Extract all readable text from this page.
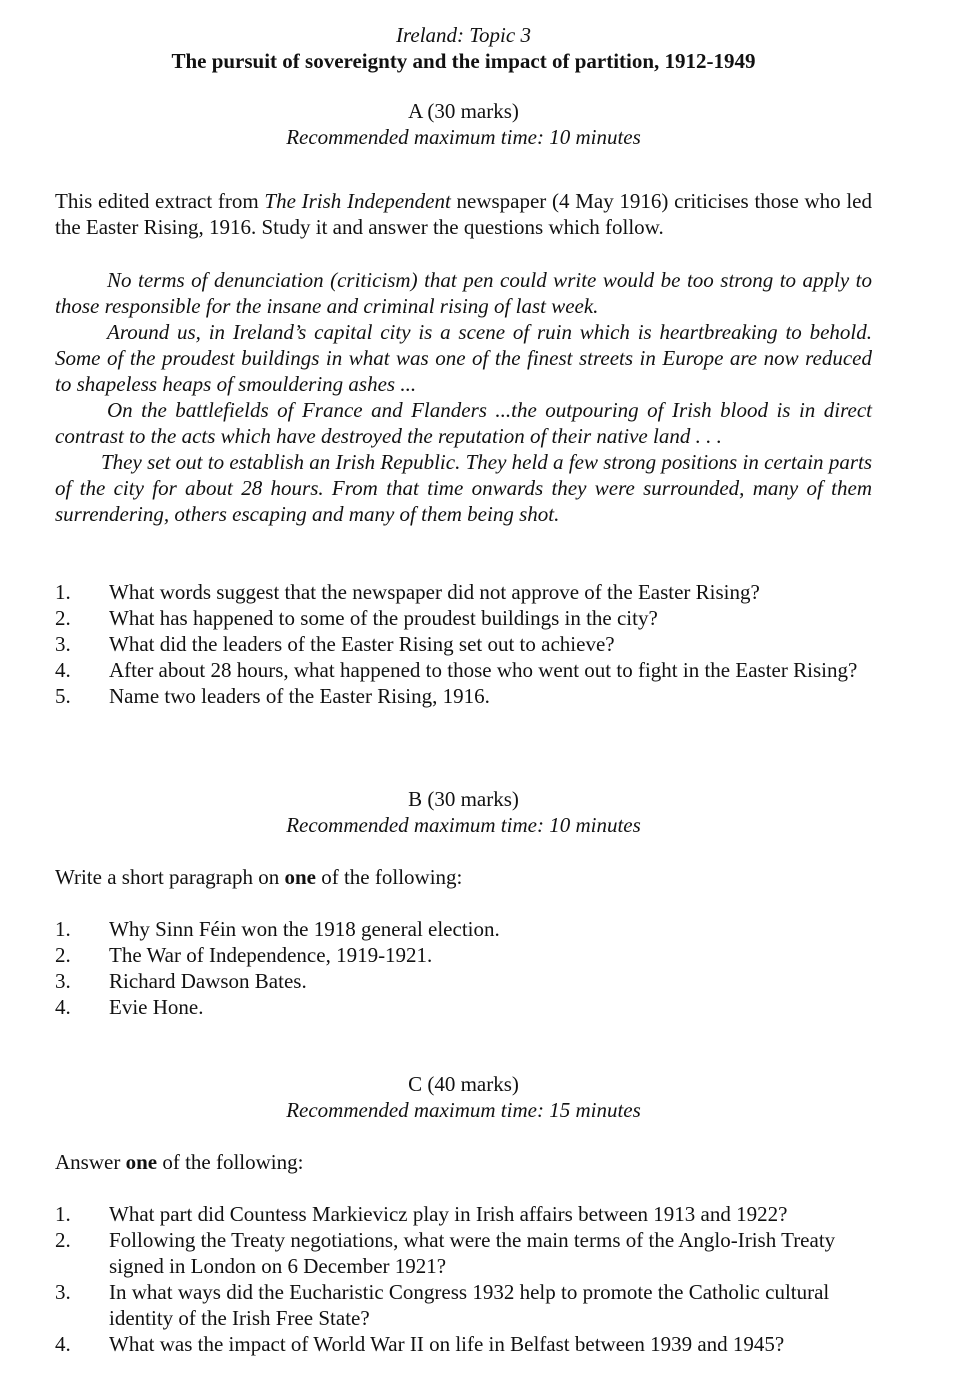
Ireland: Topic 3

The pursuit of sovereignty and the impact of partition, 1912-1949

A (30 marks)

Recommended maximum time: 10 minutes

This edited extract from The Irish Independent newspaper (4 May 1916) criticises those who led the Easter Rising, 1916. Study it and answer the questions which follow.

No terms of denunciation (criticism) that pen could write would be too strong to apply to those responsible for the insane and criminal rising of last week.

Around us, in Ireland’s capital city is a scene of ruin which is heartbreaking to behold. Some of the proudest buildings in what was one of the finest streets in Europe are now reduced to shapeless heaps of smouldering ashes ...

On the battlefields of France and Flanders ...the outpouring of Irish blood is in direct contrast to the acts which have destroyed the reputation of their native land . . .

They set out to establish an Irish Republic. They held a few strong positions in certain parts of the city for about 28 hours. From that time onwards they were surrounded, many of them surrendering, others escaping and many of them being shot.

1.	What words suggest that the newspaper did not approve of the Easter Rising?
2.	What has happened to some of the proudest buildings in the city?
3.	What did the leaders of the Easter Rising set out to achieve?
4.	After about 28 hours, what happened to those who went out to fight in the Easter Rising?
5.	Name two leaders of the Easter Rising, 1916.

B (30 marks)

Recommended maximum time: 10 minutes

Write a short paragraph on one of the following:

1.	Why Sinn Féin won the 1918 general election.
2.	The War of Independence, 1919-1921.
3.	Richard Dawson Bates.
4.	Evie Hone.

C (40 marks)

Recommended maximum time: 15 minutes

Answer one of the following:

1.	What part did Countess Markievicz play in Irish affairs between 1913 and 1922?
2.	Following the Treaty negotiations, what were the main terms of the Anglo-Irish Treaty signed in London on 6 December 1921?
3.	In what ways did the Eucharistic Congress 1932 help to promote the Catholic cultural identity of the Irish Free State?
4.	What was the impact of World War II on life in Belfast between 1939 and 1945?
